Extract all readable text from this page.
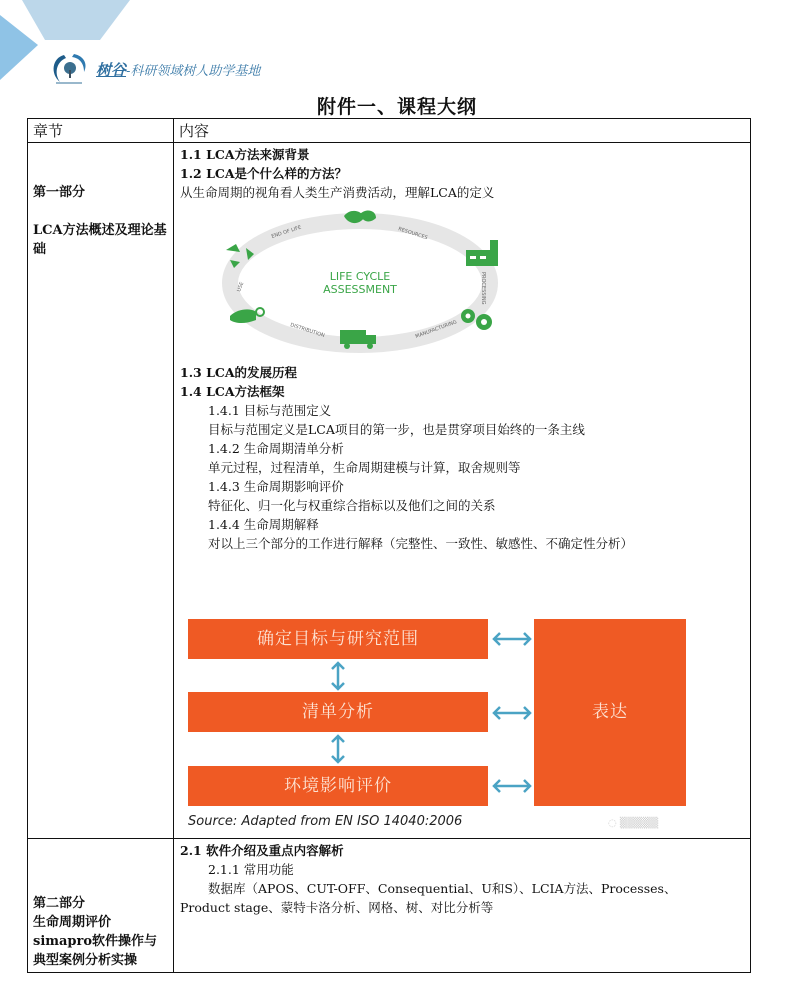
树谷-科研领域树人助学基地
附件一、课程大纲
章节	内容

第一部分
LCA方法概述及理论基础

1.1 LCA方法来源背景
1.2 LCA是个什么样的方法？
从生命周期的视角看人类生产消费活动，理解LCA的定义
LIFE CYCLE
ASSESSMENT
END OF LIFE	RESOURCES
PROCESSING
MANUFACTURING
DISTRIBUTION
USE
1.3 LCA的发展历程
1.4 LCA方法框架
1.4.1 目标与范围定义
目标与范围定义是LCA项目的第一步，也是贯穿项目始终的一条主线
1.4.2 生命周期清单分析
单元过程，过程清单，生命周期建模与计算，取舍规则等
1.4.3 生命周期影响评价
特征化、归一化与权重综合指标以及他们之间的关系
1.4.4 生命周期解释
对以上三个部分的工作进行解释（完整性、一致性、敏感性、不确定性分析）
确定目标与研究范围
清单分析
环境影响评价
表达
Source: Adapted from EN ISO 14040:2006	◌ ▒▒▒▒▒

第二部分
生命周期评价
simapro软件操作与
典型案例分析实操

2.1 软件介绍及重点内容解析
2.1.1 常用功能
数据库（APOS、CUT-OFF、Consequential、U和S）、LCIA方法、Processes、
Product stage、蒙特卡洛分析、网格、树、对比分析等
